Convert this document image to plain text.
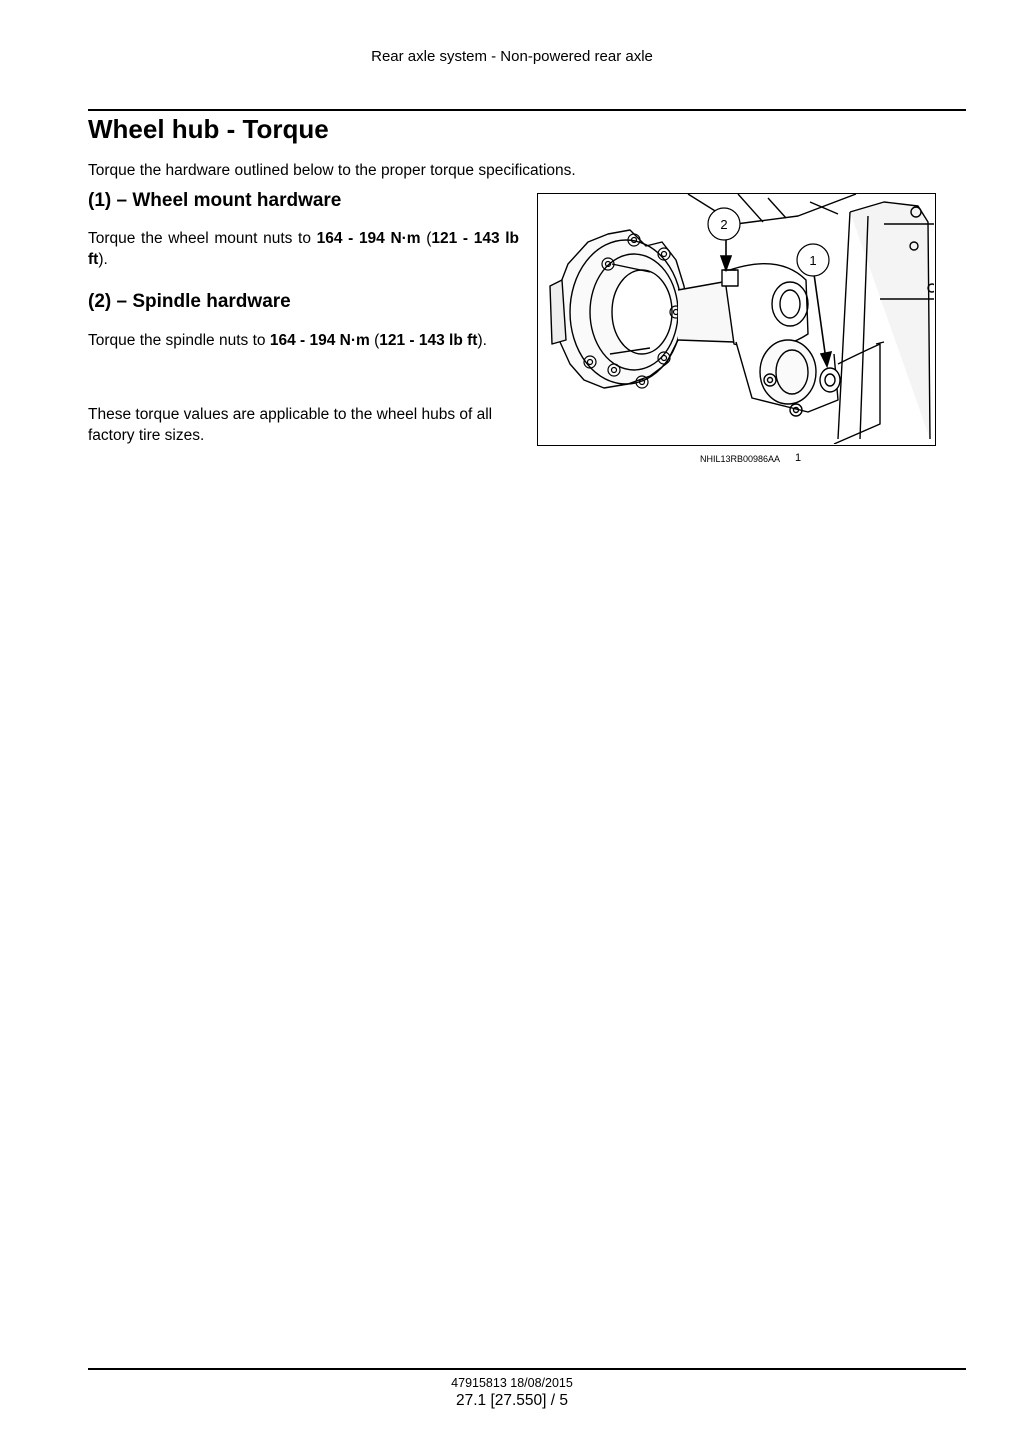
Rear axle system - Non-powered rear axle
Wheel hub - Torque

Torque the hardware outlined below to the proper torque specifications.

(1) – Wheel mount hardware

Torque the wheel mount nuts to 164 - 194 N·m (121 - 143 lb ft).

(2) – Spindle hardware

Torque the spindle nuts to 164 - 194 N·m (121 - 143 lb ft).

These torque values are applicable to the wheel hubs of all factory tire sizes.

2
1
NHIL13RB00986AA 1
47915813 18/08/2015
27.1 [27.550] / 5
